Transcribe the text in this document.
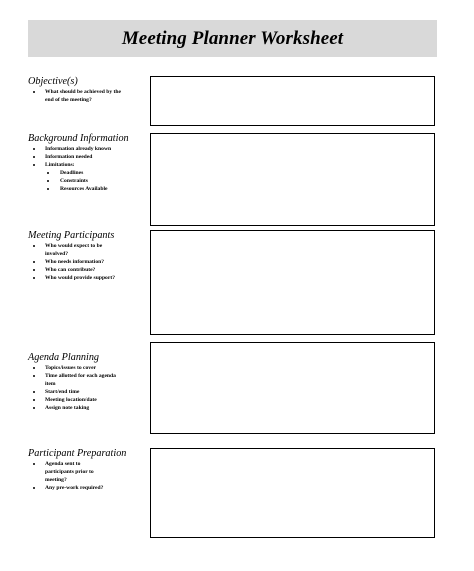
Meeting Planner Worksheet

Objective(s)

What should be achieved by the end of the meeting?

Background Information

Information already known
Information needed
Limitations:
Deadlines
Constraints
Resources Available

Meeting Participants

Who would expect to be involved?
Who needs information?
Who can contribute?
Who would provide support?

Agenda Planning

Topics/issues to cover
Time allotted for each agenda item
Start/end time
Meeting location/date
Assign note taking

Participant Preparation

Agenda sent to participants prior to meeting?
Any pre-work required?
